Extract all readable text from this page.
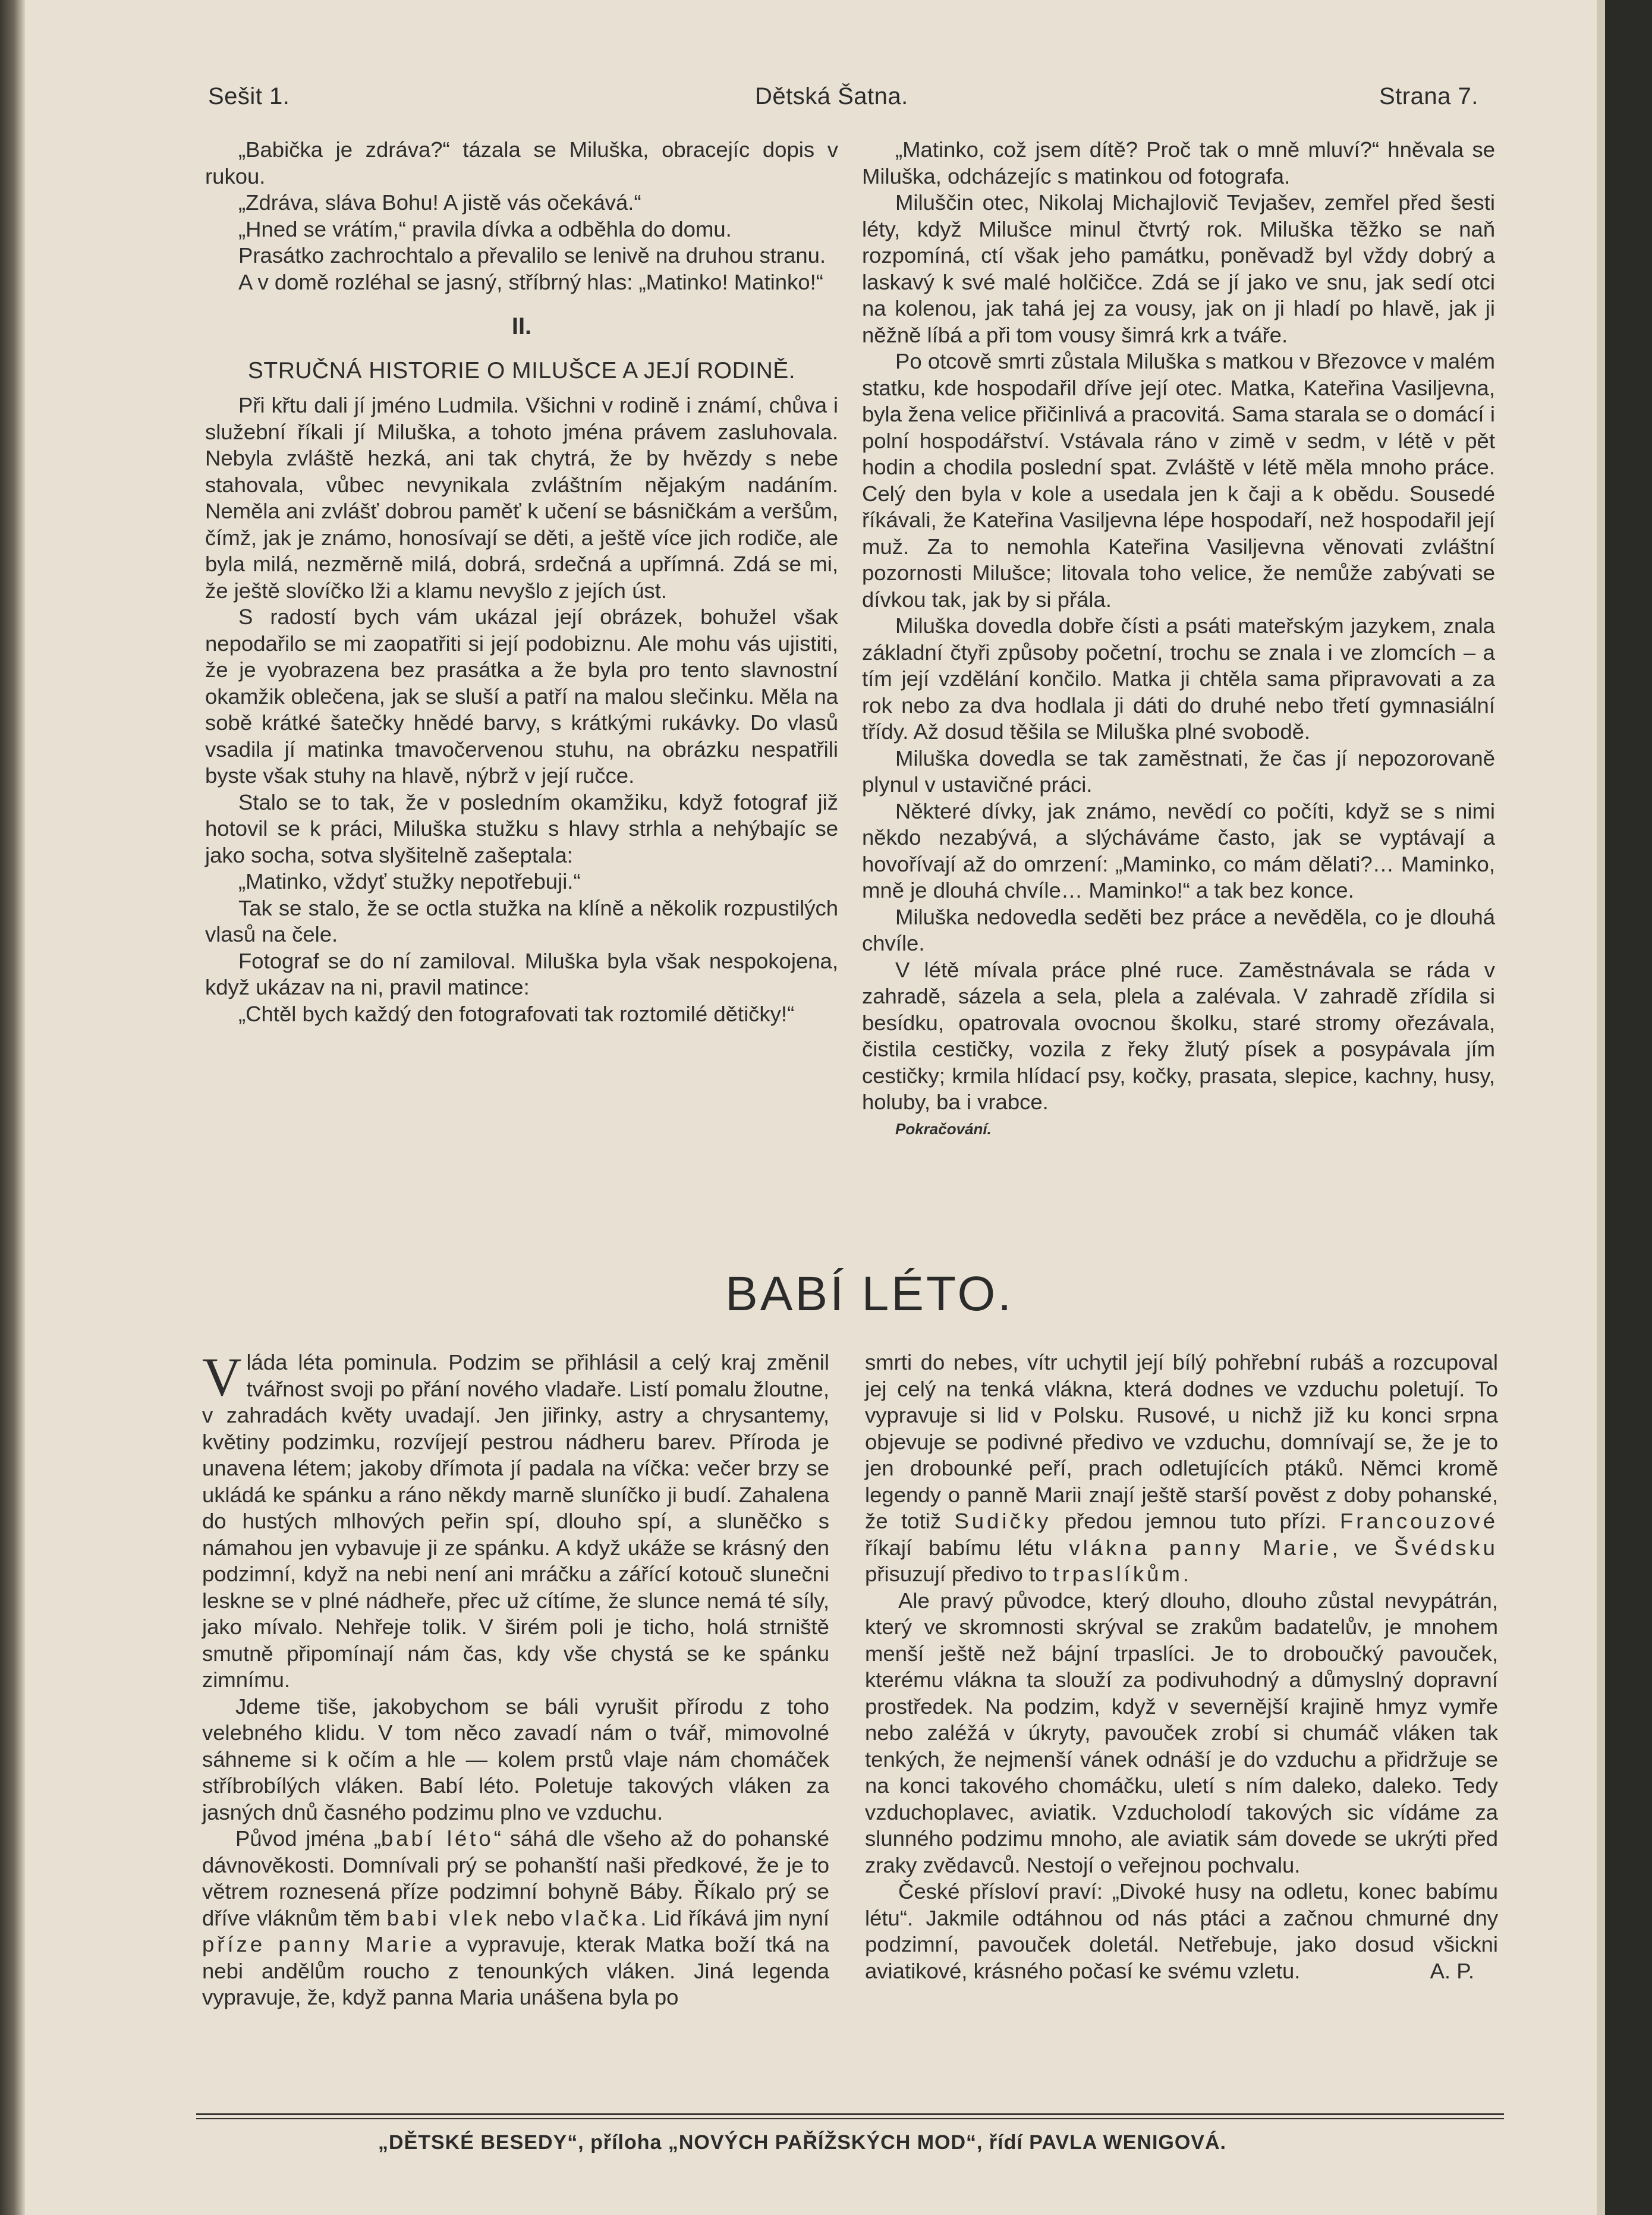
Sešit 1.	Dětská Šatna.	Strana 7.

„Babička je zdráva?“ tázala se Miluška, obracejíc dopis v rukou.

„Zdráva, sláva Bohu! A jistě vás očekává.“

„Hned se vrátím,“ pravila dívka a odběhla do domu.

Prasátko zachrochtalo a převalilo se lenivě na druhou stranu.

A v domě rozléhal se jasný, stříbrný hlas: „Matinko! Matinko!“

II.

STRUČNÁ HISTORIE O MILUŠCE A JEJÍ RODINĚ.

Při křtu dali jí jméno Ludmila. Všichni v rodině i známí, chůva i služební říkali jí Miluška, a tohoto jména právem zasluhovala. Nebyla zvláště hezká, ani tak chytrá, že by hvězdy s nebe stahovala, vůbec nevynikala zvláštním nějakým nadáním. Neměla ani zvlášť dobrou paměť k učení se básničkám a veršům, čímž, jak je známo, honosívají se děti, a ještě více jich rodiče, ale byla milá, nezměrně milá, dobrá, srdečná a upřímná. Zdá se mi, že ještě slovíčko lži a klamu nevyšlo z jejích úst.

S radostí bych vám ukázal její obrázek, bohužel však nepodařilo se mi zaopatřiti si její podobiznu. Ale mohu vás ujistiti, že je vyobrazena bez prasátka a že byla pro tento slavnostní okamžik oblečena, jak se sluší a patří na malou slečinku. Měla na sobě krátké šatečky hnědé barvy, s krátkými rukávky. Do vlasů vsadila jí matinka tmavočervenou stuhu, na obrázku nespatřili byste však stuhy na hlavě, nýbrž v její ručce.

Stalo se to tak, že v posledním okamžiku, když fotograf již hotovil se k práci, Miluška stužku s hlavy strhla a nehýbajíc se jako socha, sotva slyšitelně zašeptala:

„Matinko, vždyť stužky nepotřebuji.“

Tak se stalo, že se octla stužka na klíně a několik rozpustilých vlasů na čele.

Fotograf se do ní zamiloval. Miluška byla však nespokojena, když ukázav na ni, pravil matince:

„Chtěl bych každý den fotografovati tak roztomilé dětičky!“

„Matinko, což jsem dítě? Proč tak o mně mluví?“ hněvala se Miluška, odcházejíc s matinkou od fotografa.

Miluščin otec, Nikolaj Michajlovič Tevjašev, zemřel před šesti léty, když Milušce minul čtvrtý rok. Miluška těžko se naň rozpomíná, ctí však jeho památku, poněvadž byl vždy dobrý a laskavý k své malé holčičce. Zdá se jí jako ve snu, jak sedí otci na kolenou, jak tahá jej za vousy, jak on ji hladí po hlavě, jak ji něžně líbá a při tom vousy šimrá krk a tváře.

Po otcově smrti zůstala Miluška s matkou v Březovce v malém statku, kde hospodařil dříve její otec. Matka, Kateřina Vasiljevna, byla žena velice přičinlivá a pracovitá. Sama starala se o domácí i polní hospodářství. Vstávala ráno v zimě v sedm, v létě v pět hodin a chodila poslední spat. Zvláště v létě měla mnoho práce. Celý den byla v kole a usedala jen k čaji a k obědu. Sousedé říkávali, že Kateřina Vasiljevna lépe hospodaří, než hospodařil její muž. Za to nemohla Kateřina Vasiljevna věnovati zvláštní pozornosti Milušce; litovala toho velice, že nemůže zabývati se dívkou tak, jak by si přála.

Miluška dovedla dobře čísti a psáti mateřským jazykem, znala základní čtyři způsoby početní, trochu se znala i ve zlomcích – a tím její vzdělání končilo. Matka ji chtěla sama připravovati a za rok nebo za dva hodlala ji dáti do druhé nebo třetí gymnasiální třídy. Až dosud těšila se Miluška plné svobodě.

Miluška dovedla se tak zaměstnati, že čas jí nepozorovaně plynul v ustavičné práci.

Některé dívky, jak známo, nevědí co počíti, když se s nimi někdo nezabývá, a slýcháváme často, jak se vyptávají a hovořívají až do omrzení: „Maminko, co mám dělati?… Maminko, mně je dlouhá chvíle… Maminko!“ a tak bez konce.

Miluška nedovedla seděti bez práce a nevěděla, co je dlouhá chvíle.

V létě mívala práce plné ruce. Zaměstnávala se ráda v zahradě, sázela a sela, plela a zalévala. V zahradě zřídila si besídku, opatrovala ovocnou školku, staré stromy ořezávala, čistila cestičky, vozila z řeky žlutý písek a posypávala jím cestičky; krmila hlídací psy, kočky, prasata, slepice, kachny, husy, holuby, ba i vrabce.

Pokračování.

BABÍ LÉTO.

Vláda léta pominula. Podzim se přihlásil a celý kraj změnil tvářnost svoji po přání nového vladaře. Listí pomalu žloutne, v zahradách květy uvadají. Jen jiřinky, astry a chrysantemy, květiny podzimku, rozvíjejí pestrou nádheru barev. Příroda je unavena létem; jakoby dřímota jí padala na víčka: večer brzy se ukládá ke spánku a ráno někdy marně sluníčko ji budí. Zahalena do hustých mlhových peřin spí, dlouho spí, a sluněčko s námahou jen vybavuje ji ze spánku. A když ukáže se krásný den podzimní, když na nebi není ani mráčku a zářící kotouč slunečni lesknе se v plné nádheře, přec už cítíme, že slunce nemá té síly, jako mívalo. Nehřeje tolik. V širém poli je ticho, holá strniště smutně připomínají nám čas, kdy vše chystá se ke spánku zimnímu.

Jdeme tiše, jakobychom se báli vyrušit přírodu z toho velebného klidu. V tom něco zavadí nám o tvář, mimovolné sáhneme si k očím a hle — kolem prstů vlaje nám chomáček stříbrobílých vláken. Babí léto. Poletuje takových vláken za jasných dnů časného podzimu plno ve vzduchu.

Původ jména „babí léto“ sáhá dle všeho až do pohanské dávnověkosti. Domnívali prý se pohanští naši předkové, že je to větrem roznesená příze podzimní bohyně Báby. Říkalo prý se dříve vláknům těm babi vlek nebo vlačka. Lid říkává jim nyní příze panny Marie a vypravuje, kterak Matka boží tká na nebi andělům roucho z tenounkých vláken. Jiná legenda vypravuje, že, když panna Maria unášena byla po

smrti do nebes, vítr uchytil její bílý pohřební rubáš a rozcupoval jej celý na tenká vlákna, která dodnes ve vzduchu poletují. To vypravuje si lid v Polsku. Rusové, u nichž již ku konci srpna objevuje se podivné předivo ve vzduchu, domnívají se, že je to jen drobounké peří, prach odletujících ptáků. Němci kromě legendy o panně Marii znají ještě starší pověst z doby pohanské, že totiž Sudičky předou jemnou tuto přízi. Francouzové říkají babímu létu vlákna panny Marie, ve Švédsku přisuzují předivo to trpaslíkům.

Ale pravý původce, který dlouho, dlouho zůstal nevypátrán, který ve skromnosti skrýval se zrakům badatelův, je mnohem menší ještě než báјní trpaslíci. Je to droboučký pavouček, kterému vlákna ta slouží za podivuhodný a důmyslný dopravní prostředek. Na podzim, když v severnější krajině hmyz vymře nebo zaléžá v úkryty, pavouček zrobí si chumáč vláken tak tenkých, že nejmenší vánek odnáší je do vzduchu a přidržuje se na konci takového chomáčku, uletí s ním daleko, daleko. Tedy vzduchoplavec, aviatik. Vzducholodí takových sic vídáme za slunného podzimu mnoho, ale aviatik sám dovede se ukrýti před zraky zvědavců. Nestojí o veřejnou pochvalu.

České přísloví praví: „Divoké husy na odletu, konec babímu létu“. Jakmile odtáhnou od nás ptáci a začnou chmurné dny podzimní, pavouček doletál. Netřebuje, jako dosud všickni aviatikové, krásného počasí ke svému vzletu.	A. P.

„DĚTSKÉ BESEDY“, příloha „NOVÝCH PAŘÍŽSKÝCH MOD“, řídí PAVLA WENIGOVÁ.
